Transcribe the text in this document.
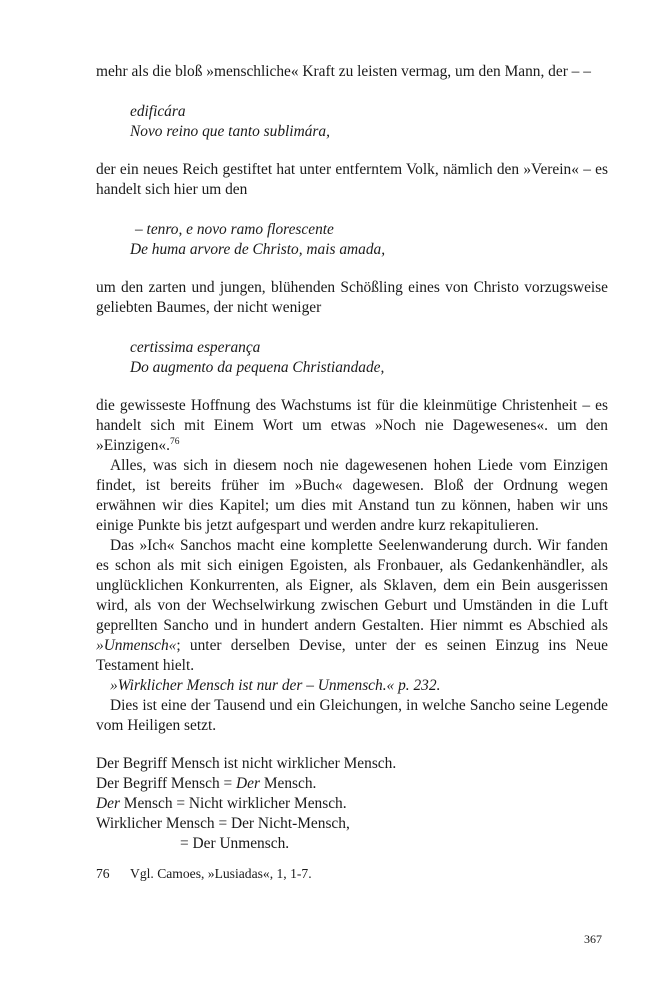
mehr als die bloß »menschliche« Kraft zu leisten vermag, um den Mann, der – –

edificára
Novo reino que tanto sublimára,

der ein neues Reich gestiftet hat unter entferntem Volk, nämlich den »Verein« – es handelt sich hier um den

– tenro, e novo ramo florescente
De huma arvore de Christo, mais amada,

um den zarten und jungen, blühenden Schößling eines von Christo vorzugsweise geliebten Baumes, der nicht weniger

certissima esperança
Do augmento da pequena Christiandade,

die gewisseste Hoffnung des Wachstums ist für die kleinmütige Christenheit – es handelt sich mit Einem Wort um etwas »Noch nie Dagewesenes«. um den »Einzigen«.$^{76}$

Alles, was sich in diesem noch nie dagewesenen hohen Liede vom Einzigen findet, ist bereits früher im »Buch« dagewesen. Bloß der Ordnung wegen erwähnen wir dies Kapitel; um dies mit Anstand tun zu können, haben wir uns einige Punkte bis jetzt aufgespart und werden andre kurz rekapitulieren.

Das »Ich« Sanchos macht eine komplette Seelenwanderung durch. Wir fanden es schon als mit sich einigen Egoisten, als Fronbauer, als Gedankenhändler, als unglücklichen Konkurrenten, als Eigner, als Sklaven, dem ein Bein ausgerissen wird, als von der Wechselwirkung zwischen Geburt und Umständen in die Luft geprellten Sancho und in hundert andern Gestalten. Hier nimmt es Abschied als »Unmensch«; unter derselben Devise, unter der es seinen Einzug ins Neue Testament hielt.

»Wirklicher Mensch ist nur der – Unmensch.« p. 232.

Dies ist eine der Tausend und ein Gleichungen, in welche Sancho seine Legende vom Heiligen setzt.

Der Begriff Mensch ist nicht wirklicher Mensch.
Der Begriff Mensch = Der Mensch.
Der Mensch = Nicht wirklicher Mensch.
Wirklicher Mensch = Der Nicht-Mensch,
= Der Unmensch.
76 Vgl. Camoes, »Lusiadas«, 1, 1-7.
367
